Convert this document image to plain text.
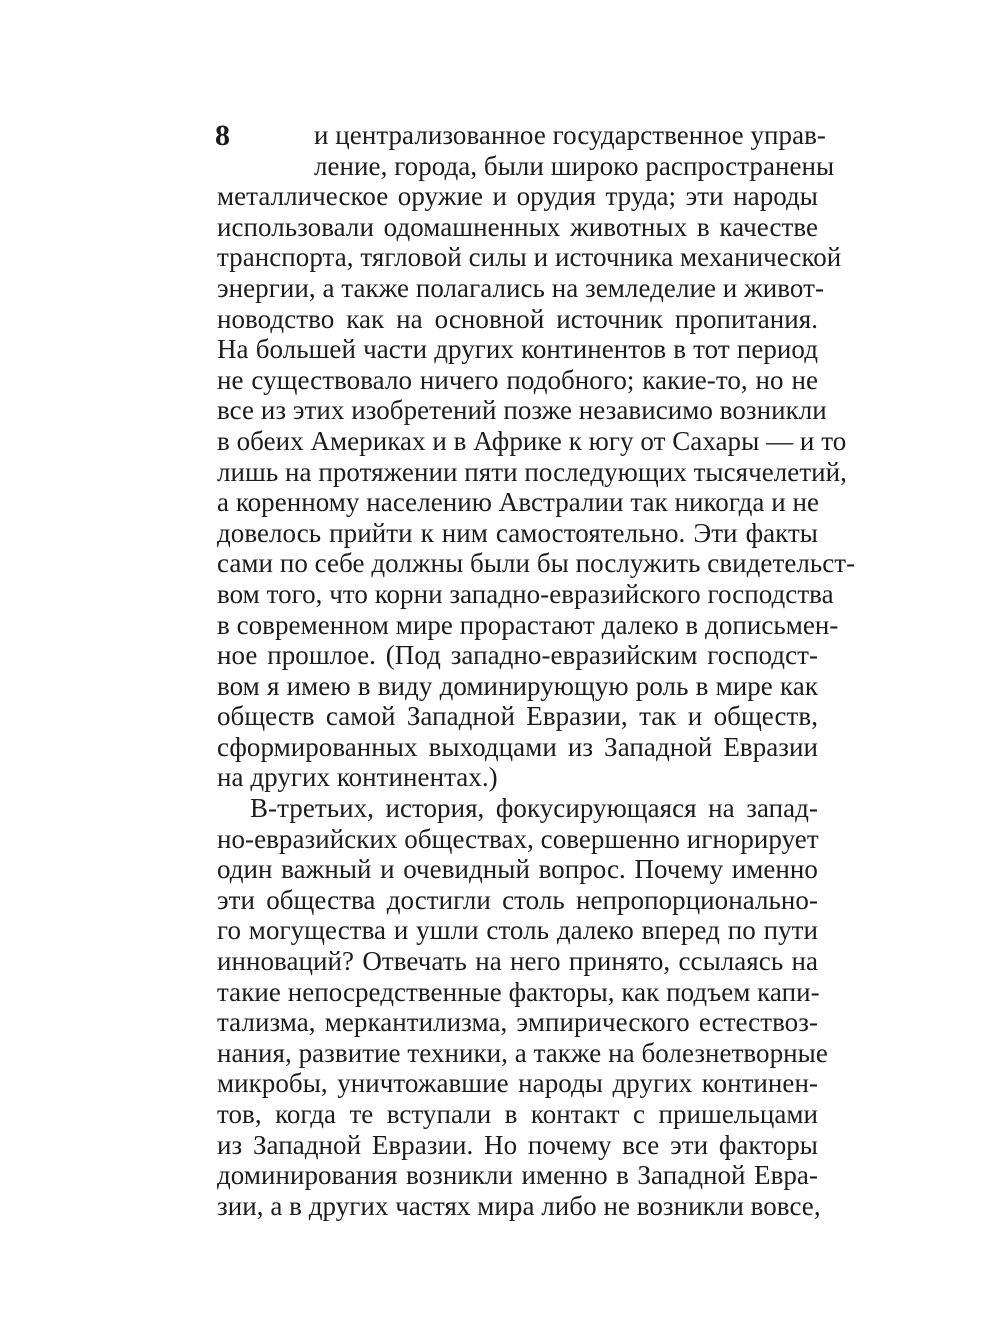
8	и централизованное государственное управ-
ление, города, были широко распространены
металлическое оружие и орудия труда; эти народы
использовали одомашненных животных в качестве
транспорта, тягловой силы и источника механической
энергии, а также полагались на земледелие и живот-
новодство как на основной источник пропитания.
На большей части других континентов в тот период
не существовало ничего подобного; какие-то, но не
все из этих изобретений позже независимо возникли
в обеих Америках и в Африке к югу от Сахары — и то
лишь на протяжении пяти последующих тысячелетий,
а коренному населению Австралии так никогда и не
довелось прийти к ним самостоятельно. Эти факты
сами по себе должны были бы послужить свидетельст-
вом того, что корни западно-евразийского господства
в современном мире прорастают далеко в дописьмен-
ное прошлое. (Под западно-евразийским господст-
вом я имею в виду доминирующую роль в мире как
обществ самой Западной Евразии, так и обществ,
сформированных выходцами из Западной Евразии
на других континентах.)
В-третьих, история, фокусирующаяся на запад-
но-евразийских обществах, совершенно игнорирует
один важный и очевидный вопрос. Почему именно
эти общества достигли столь непропорционально-
го могущества и ушли столь далеко вперед по пути
инноваций? Отвечать на него принято, ссылаясь на
такие непосредственные факторы, как подъем капи-
тализма, меркантилизма, эмпирического естествоз-
нания, развитие техники, а также на болезнетворные
микробы, уничтожавшие народы других континен-
тов, когда те вступали в контакт с пришельцами
из Западной Евразии. Но почему все эти факторы
доминирования возникли именно в Западной Евра-
зии, а в других частях мира либо не возникли вовсе,
